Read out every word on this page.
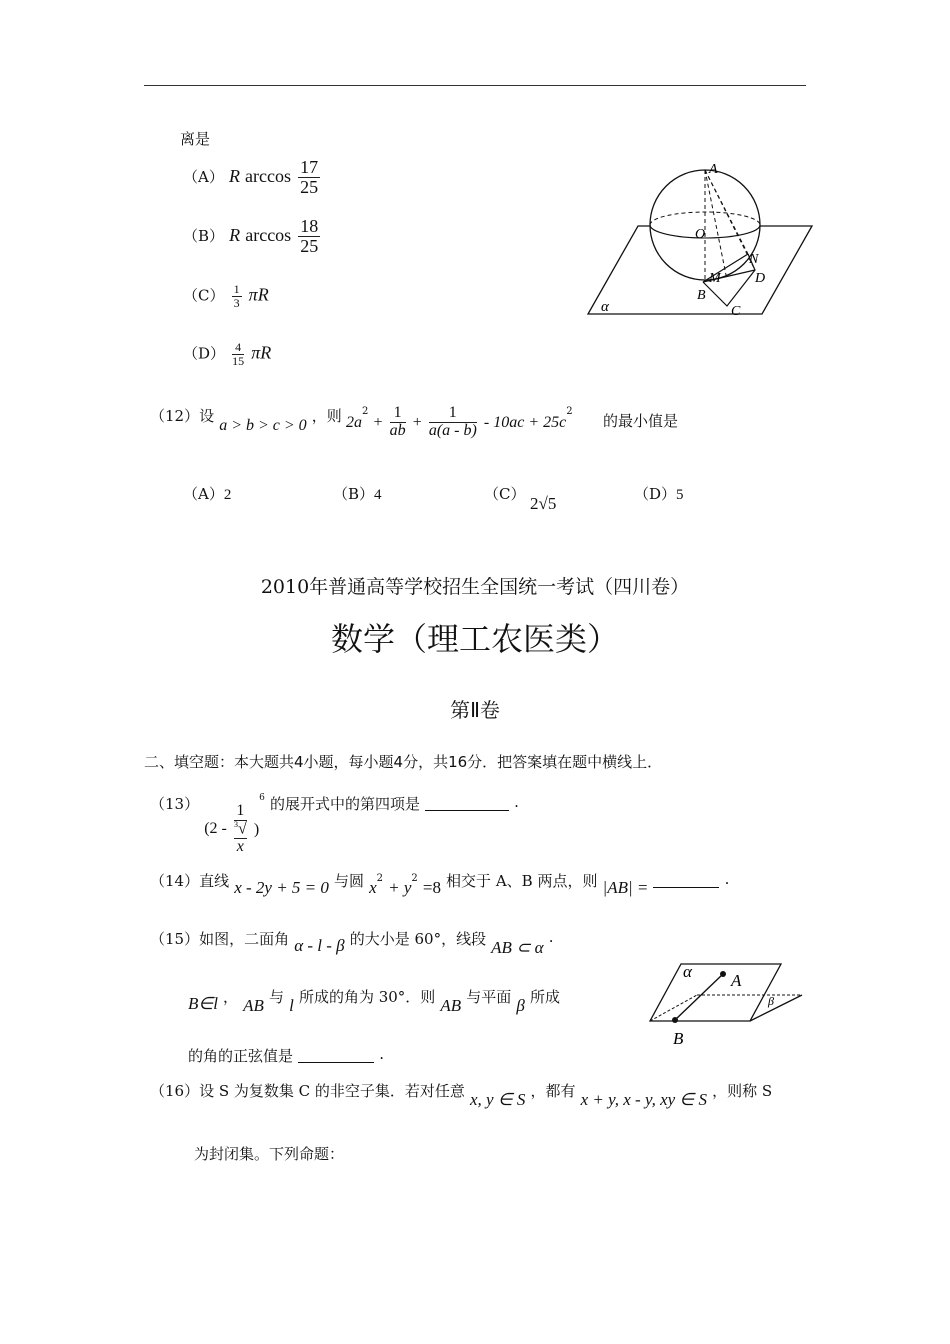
离是
（A） R $\arccos \frac{17}{25}$
（B） R $\arccos \frac{18}{25}$
$(C) \frac{1}{3}$ πR
$(D) \frac{4}{15}$ πR
A
O
N
M D
B
C
α
（12）设 a > b > c > 0 ，则 $2a^2 + \frac{1}{ab} + \frac{1}{a(a - b)} - 10ac + 25c^2$
的最小值是
（A）2	（B）4	（C） 2√5	（D）5
2010年普通高等学校招生全国统一考试（四川卷）
数学（理工农医类）
第Ⅱ卷
二、填空题：本大题共4小题，每小题4分，共16分．把答案填在题中横线上．
（13） (2 - 1
$^3$√
x )$^6$ 的展开式中的第四项是	.
（14）直线 x - 2y + 5 = 0 与圆 $x^2 + y^2 =8$ 相交于 A、B 两点，则 |AB| =	.
（15）如图，二面角 α - l - β 的大小是 60°，线段 AB ⊂ α .
B∈l ， AB 与 l 所成的角为 30°．则 AB 与平面 β 所成
的角的正弦值是	.
α A
β
B
（16）设 S 为复数集 C 的非空子集．若对任意 x, y ∈ S ，都有 x + y, x - y, xy ∈ S ，则称 S
为封闭集。下列命题：
